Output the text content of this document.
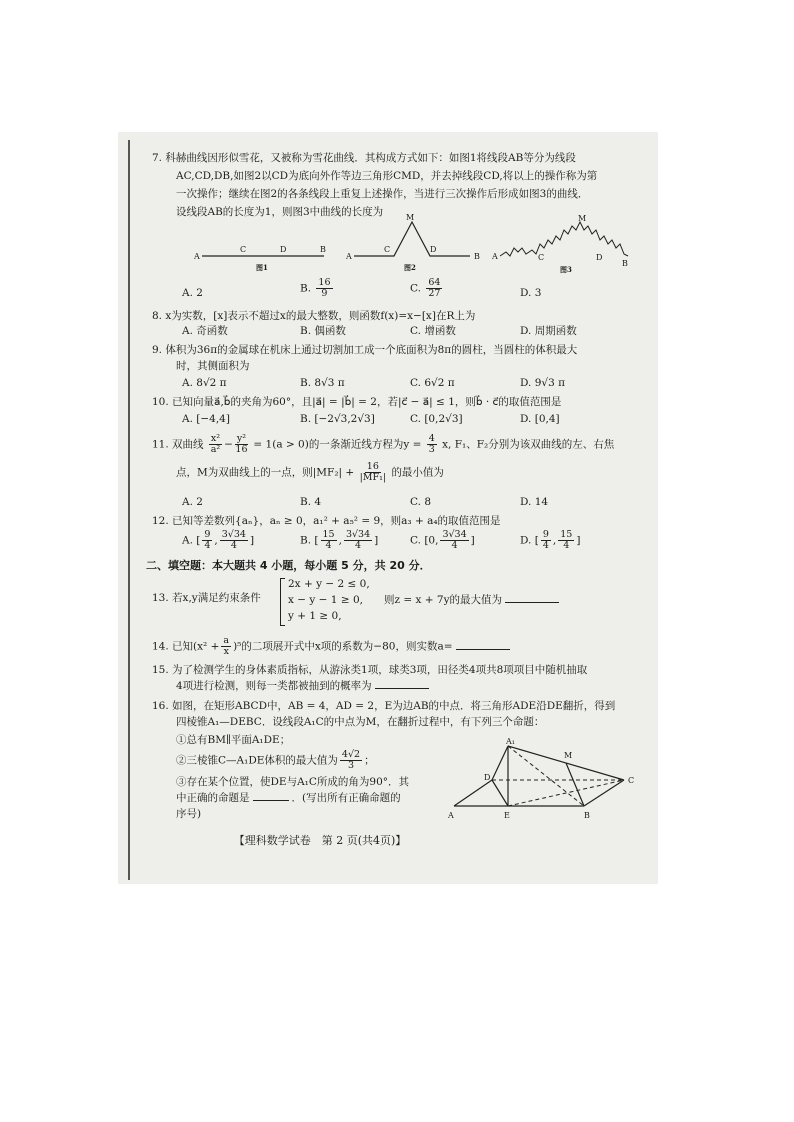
7. 科赫曲线因形似雪花，又被称为雪花曲线．其构成方式如下：如图1将线段AB等分为线段
AC,CD,DB,如图2以CD为底向外作等边三角形CMD，并去掉线段CD,将以上的操作称为第
一次操作；继续在图2的各条线段上重复上述操作，当进行三次操作后形成如图3的曲线．
设线段AB的长度为1，则图3中曲线的长度为
A
C	D	B
图1
A
C
M
D
B
图2
A	C
M
D
B
图3
A. 2	B. $\frac{16}{9}$	C. $\frac{64}{27}$	D. 3
8. x为实数，[x]表示不超过x的最大整数，则函数f(x)=x−[x]在R上为
A. 奇函数	B. 偶函数	C. 增函数	D. 周期函数
9. 体积为36π的金属球在机床上通过切割加工成一个底面积为8π的圆柱，当圆柱的体积最大
时，其侧面积为
A. 8√2 π	B. 8√3 π	C. 6√2 π	D. 9√3 π
10. 已知向量a⃗,b⃗的夹角为60°，且|a⃗| = |b⃗| = 2，若|c⃗ − a⃗| ≤ 1，则b⃗ · c⃗的取值范围是
A. [−4,4]	B. [−2√3,2√3]	C. [0,2√3]	D. [0,4]
11. 双曲线 $\frac{\text{x²}}{\text{a²}} - \frac{\text{y²}}{16} = 1(a > 0)$的一条渐近线方程为$y = \frac{4}{3} x$, F₁、F₂分别为该双曲线的左、右焦
点，M为双曲线上的一点，则$|MF_2| + \frac{16}{\text{|MF₁|}}$ 的最小值为
A. 2	B. 4	C. 8	D. 14
12. 已知等差数列{aₙ}，aₙ ≥ 0，a₁² + a₅² = 9，则a₃ + a₄的取值范围是
A. [ $\frac{9}{4}$ , $\frac{3√34}{4}$ ]	B. [ $\frac{15}{4}$ , $\frac{3√34}{4}$ ]	C. [0, $\frac{3√34}{4}$ ]	D. [ $\frac{9}{4}$ , $\frac{15}{4}$ ]
二、填空题：本大题共 4 小题，每小题 5 分，共 20 分．
13. 若x,y满足约束条件
2x + y − 2 ≤ 0,
x − y − 1 ≥ 0,
y + 1 ≥ 0,
则z = x + 7y的最大值为
14. 已知$(x^2 + \frac{a}{x} )^5$的二项展开式中x项的系数为−80，则实数a=
15. 为了检测学生的身体素质指标，从游泳类1项，球类3项，田径类4项共8项项目中随机抽取
4项进行检测，则每一类都被抽到的概率为
16. 如图，在矩形ABCD中，AB = 4，AD = 2，E为边AB的中点．将三角形ADE沿DE翻折，得到
四棱锥A₁—DEBC．设线段A₁C的中点为M，在翻折过程中，有下列三个命题：
①总有BM∥平面A₁DE；
②三棱锥C—A₁DE体积的最大值为 $\frac{4√2}{3}$ ；
③存在某个位置，使DE与A₁C所成的角为90°．其
中正确的命题是	．(写出所有正确命题的
序号)
A₁
M
D	C
A	E	B
【理科数学试卷　第 2 页(共4页)】
